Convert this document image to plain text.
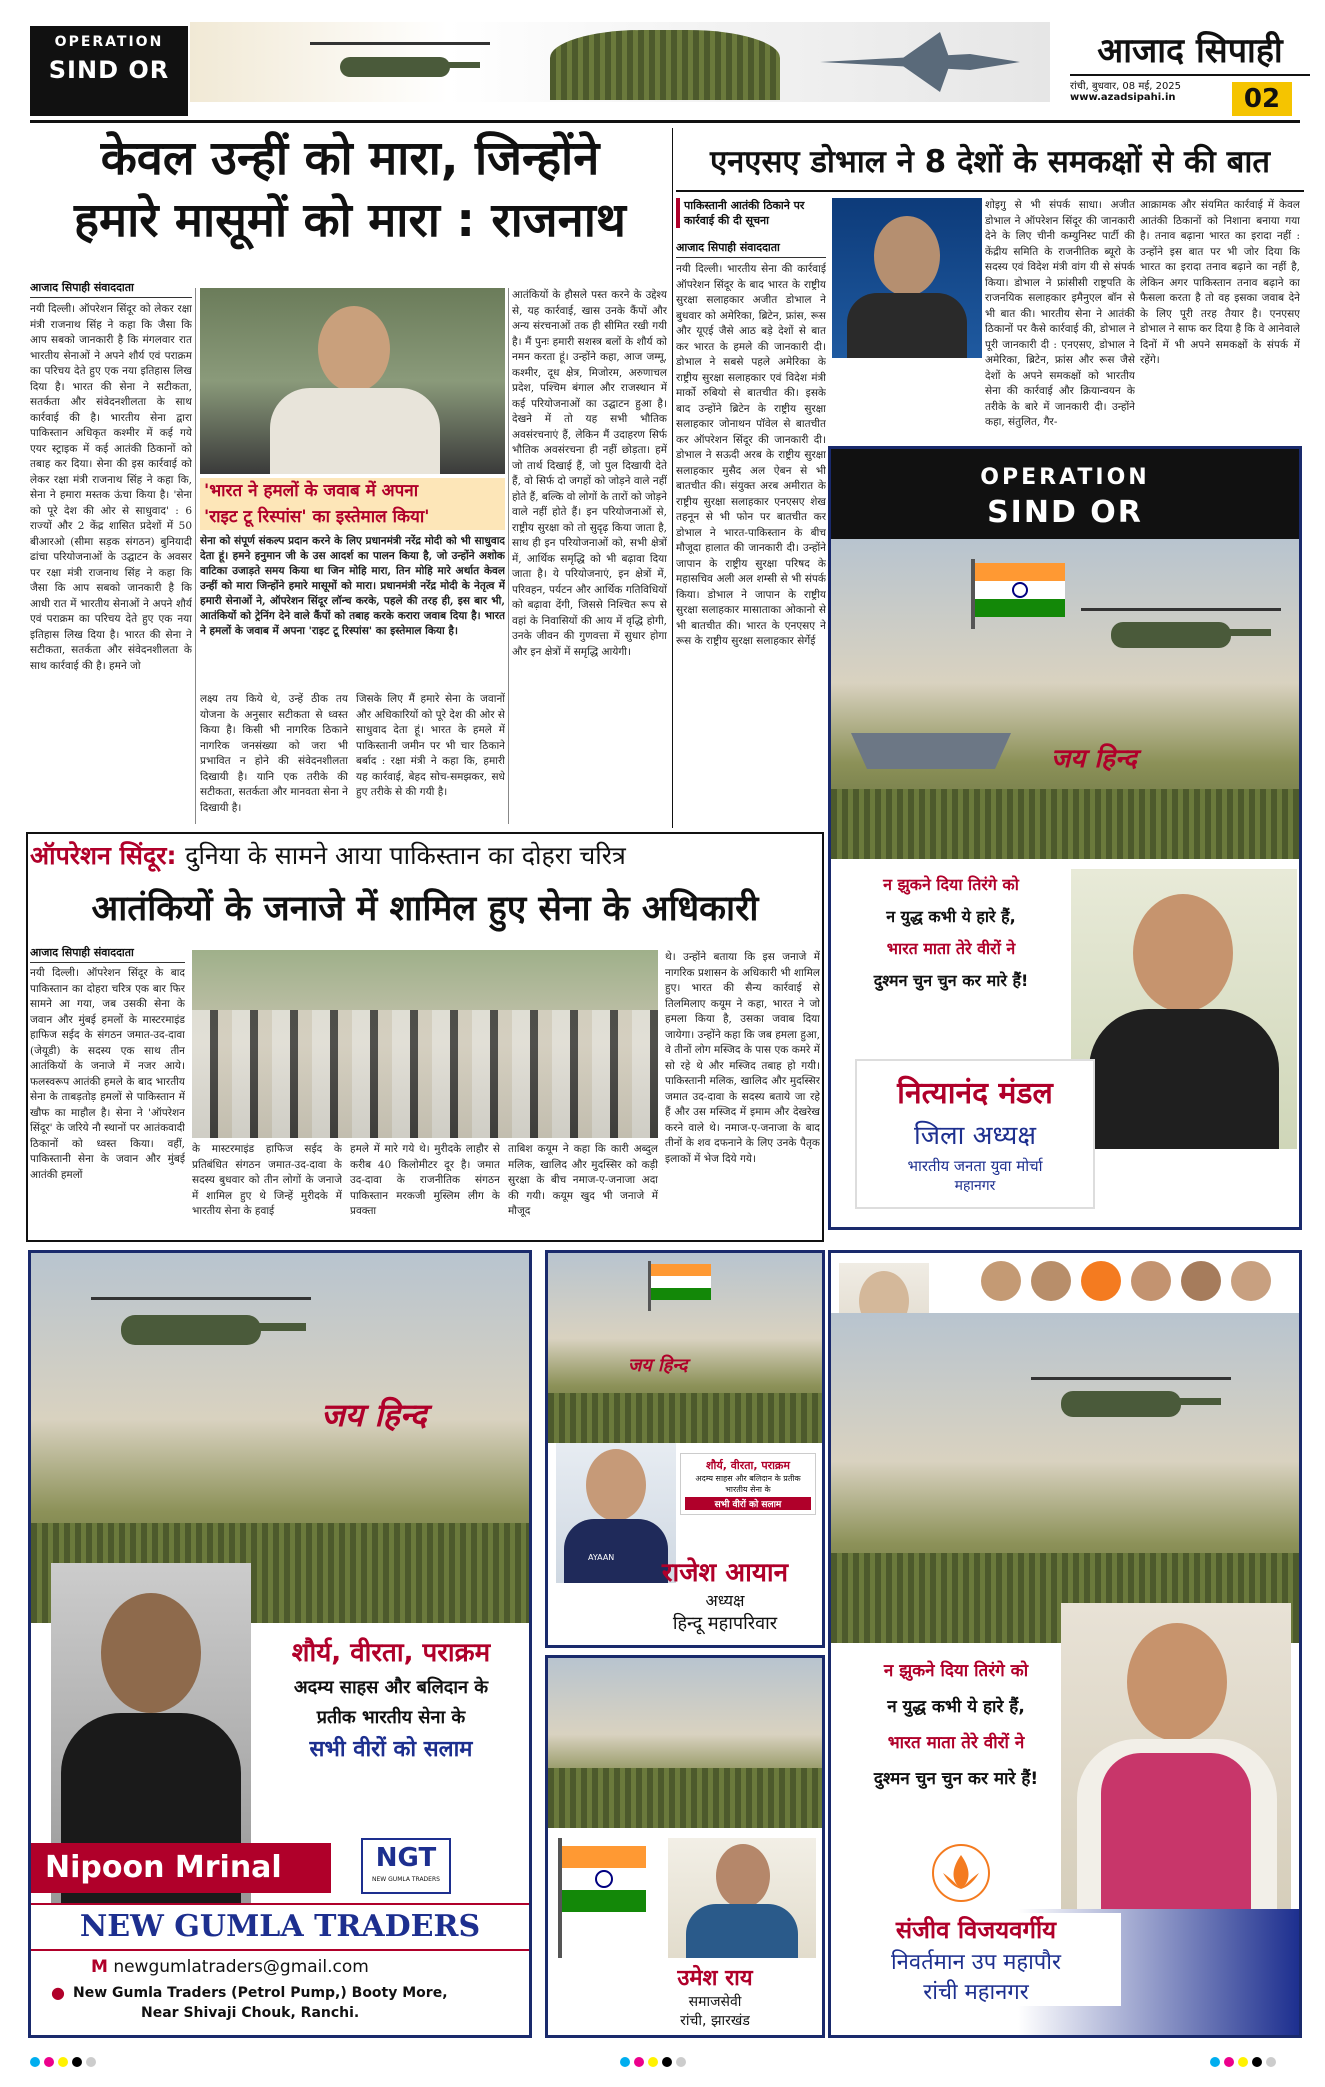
OPERATION
SIND OR	आजाद सिपाही
रांची, बुधवार, 08 मई, 2025
www.azadsipahi.in	02
केवल उन्हीं को मारा, जिन्होंने
हमारे मासूमों को मारा : राजनाथ
आजाद सिपाही संवाददाता
नयी दिल्ली। ऑपरेशन सिंदूर को लेकर रक्षा मंत्री राजनाथ सिंह ने कहा कि जैसा कि आप सबको जानकारी है कि मंगलवार रात भारतीय सेनाओं ने अपने शौर्य एवं पराक्रम का परिचय देते हुए एक नया इतिहास लिख दिया है। भारत की सेना ने सटीकता, सतर्कता और संवेदनशीलता के साथ कार्रवाई की है। भारतीय सेना द्वारा पाकिस्तान अधिकृत कश्मीर में कई गये एयर स्ट्राइक में कई आतंकी ठिकानों को तबाह कर दिया। सेना की इस कार्रवाई को लेकर रक्षा मंत्री राजनाथ सिंह ने कहा कि, सेना ने हमारा मस्तक ऊंचा किया है। 'सेना को पूरे देश की ओर से साधुवाद' : 6 राज्यों और 2 केंद्र शासित प्रदेशों में 50 बीआरओ (सीमा सड़क संगठन) बुनियादी ढांचा परियोजनाओं के उद्घाटन के अवसर पर रक्षा मंत्री राजनाथ सिंह ने कहा कि जैसा कि आप सबको जानकारी है कि आधी रात में भारतीय सेनाओं ने अपने शौर्य एवं पराक्रम का परिचय देते हुए एक नया इतिहास लिख दिया है। भारत की सेना ने सटीकता, सतर्कता और संवेदनशीलता के साथ कार्रवाई की है। हमने जो
'भारत ने हमलों के जवाब में अपना
'राइट टू रिस्पांस' का इस्तेमाल किया'
सेना को संपूर्ण संकल्प प्रदान करने के लिए प्रधानमंत्री नरेंद्र मोदी को भी साधुवाद देता हूं। हमने हनुमान जी के उस आदर्श का पालन किया है, जो उन्होंने अशोक वाटिका उजाड़ते समय किया था जिन मोहि मारा, तिन मोहि मारे अर्थात केवल उन्हीं को मारा जिन्होंने हमारे मासूमों को मारा। प्रधानमंत्री नरेंद्र मोदी के नेतृत्व में हमारी सेनाओं ने, ऑपरेशन सिंदूर लॉन्च करके, पहले की तरह ही, इस बार भी, आतंकियों को ट्रेनिंग देने वाले कैंपों को तबाह करके करारा जवाब दिया है। भारत ने हमलों के जवाब में अपना 'राइट टू रिस्पांस' का इस्तेमाल किया है।
लक्ष्य तय किये थे, उन्हें ठीक तय योजना के अनुसार सटीकता से ध्वस्त किया है। किसी भी नागरिक ठिकाने नागरिक जनसंख्या को जरा भी प्रभावित न होने की संवेदनशीलता दिखायी है। यानि एक तरीके की सटीकता, सतर्कता और मानवता सेना ने दिखायी है।
जिसके लिए मैं हमारे सेना के जवानों और अधिकारियों को पूरे देश की ओर से साधुवाद देता हूं। भारत के हमले में पाकिस्तानी जमीन पर भी चार ठिकाने बर्बाद : रक्षा मंत्री ने कहा कि, हमारी यह कार्रवाई, बेहद सोच-समझकर, सधे हुए तरीके से की गयी है।
आतंकियों के हौसले पस्त करने के उद्देश्य से, यह कार्रवाई, खास उनके कैंपों और अन्य संरचनाओं तक ही सीमित रखी गयी है। मैं पुनः हमारी सशस्त्र बलों के शौर्य को नमन करता हूं। उन्होंने कहा, आज जम्मू, कश्मीर, दूध क्षेत्र, मिजोरम, अरुणाचल प्रदेश, पश्चिम बंगाल और राजस्थान में कई परियोजनाओं का उद्घाटन हुआ है। देखने में तो यह सभी भौतिक अवसंरचनाएं हैं, लेकिन मैं उदाहरण सिर्फ भौतिक अवसंरचना ही नहीं छोड़ता। हमें जो तार्थ दिखाई हैं, जो पुल दिखायी देते हैं, वो सिर्फ दो जगहों को जोड़ने वाले नहीं होते हैं, बल्कि वो लोगों के तारों को जोड़ने वाले नहीं होते हैं। इन परियोजनाओं से, राष्ट्रीय सुरक्षा को तो सुदृढ़ किया जाता है, साथ ही इन परियोजनाओं को, सभी क्षेत्रों में, आर्थिक समृद्धि को भी बढ़ावा दिया जाता है। ये परियोजनाएं, इन क्षेत्रों में, परिवहन, पर्यटन और आर्थिक गतिविधियों को बढ़ावा देंगी, जिससे निश्चित रूप से वहां के निवासियों की आय में वृद्धि होगी, उनके जीवन की गुणवत्ता में सुधार होगा और इन क्षेत्रों में समृद्धि आयेगी।
एनएसए डोभाल ने 8 देशों के समकक्षों से की बात
पाकिस्तानी आतंकी ठिकाने पर कार्रवाई की दी सूचना
आजाद सिपाही संवाददाता
नयी दिल्ली। भारतीय सेना की कार्रवाई ऑपरेशन सिंदूर के बाद भारत के राष्ट्रीय सुरक्षा सलाहकार अजीत डोभाल ने बुधवार को अमेरिका, ब्रिटेन, फ्रांस, रूस और यूएई जैसे आठ बड़े देशों से बात कर भारत के हमले की जानकारी दी। डोभाल ने सबसे पहले अमेरिका के राष्ट्रीय सुरक्षा सलाहकार एवं विदेश मंत्री मार्को रुबियो से बातचीत की। इसके बाद उन्होंने ब्रिटेन के राष्ट्रीय सुरक्षा सलाहकार जोनाथन पॉवेल से बातचीत कर ऑपरेशन सिंदूर की जानकारी दी। डोभाल ने सऊदी अरब के राष्ट्रीय सुरक्षा सलाहकार मुसैद अल ऐबन से भी बातचीत की। संयुक्त अरब अमीरात के राष्ट्रीय सुरक्षा सलाहकार एनएसए शेख तहनून से भी फोन पर बातचीत कर डोभाल ने भारत-पाकिस्तान के बीच मौजूदा हालात की जानकारी दी। उन्होंने जापान के राष्ट्रीय सुरक्षा परिषद के महासचिव अली अल शम्सी से भी संपर्क किया। डोभाल ने जापान के राष्ट्रीय सुरक्षा सलाहकार मासाताका ओकानो से भी बातचीत की। भारत के एनएसए ने रूस के राष्ट्रीय सुरक्षा सलाहकार सेर्गेई
शोइगु से भी संपर्क साधा। अजीत डोभाल ने ऑपरेशन सिंदूर की जानकारी देने के लिए चीनी कम्युनिस्ट पार्टी की केंद्रीय समिति के राजनीतिक ब्यूरो के सदस्य एवं विदेश मंत्री वांग यी से संपर्क किया। डोभाल ने फ्रांसीसी राष्ट्रपति के राजनयिक सलाहकार इमैनुएल बॉन से भी बात की। भारतीय सेना ने आतंकी ठिकानों पर कैसे कार्रवाई की, डोभाल ने पूरी जानकारी दी : एनएसए, डोभाल ने अमेरिका, ब्रिटेन, फ्रांस और रूस जैसे देशों के अपने समकक्षों को भारतीय सेना की कार्रवाई और क्रियान्वयन के तरीके के बारे में जानकारी दी। उन्होंने कहा, संतुलित, गैर-
आक्रामक और संयमित कार्रवाई में केवल आतंकी ठिकानों को निशाना बनाया गया है। तनाव बढ़ाना भारत का इरादा नहीं : उन्होंने इस बात पर भी जोर दिया कि भारत का इरादा तनाव बढ़ाने का नहीं है, लेकिन अगर पाकिस्तान तनाव बढ़ाने का फैसला करता है तो वह इसका जवाब देने के लिए पूरी तरह तैयार है। एनएसए डोभाल ने साफ कर दिया है कि वे आनेवाले दिनों में भी अपने समकक्षों के संपर्क में रहेंगे।
OPERATION
SIND OR
जय हिन्द
न झुकने दिया तिरंगे को
न युद्ध कभी ये हारे हैं,
भारत माता तेरे वीरों ने
दुश्मन चुन चुन कर मारे हैं!
नित्यानंद मंडल
जिला अध्यक्ष
भारतीय जनता युवा मोर्चा
महानगर
ऑपरेशन सिंदूर: दुनिया के सामने आया पाकिस्तान का दोहरा चरित्र
आतंकियों के जनाजे में शामिल हुए सेना के अधिकारी
आजाद सिपाही संवाददाता
नयी दिल्ली। ऑपरेशन सिंदूर के बाद पाकिस्तान का दोहरा चरित्र एक बार फिर सामने आ गया, जब उसकी सेना के जवान और मुंबई हमलों के मास्टरमाइंड हाफिज सईद के संगठन जमात-उद-दावा (जेयूडी) के सदस्य एक साथ तीन आतंकियों के जनाजे में नजर आये। फलस्वरूप आतंकी हमले के बाद भारतीय सेना के ताबड़तोड़ हमलों से पाकिस्तान में खौफ का माहौल है। सेना ने 'ऑपरेशन सिंदूर' के जरिये नौ स्थानों पर आतंकवादी ठिकानों को ध्वस्त किया। वहीं, पाकिस्तानी सेना के जवान और मुंबई आतंकी हमलों
के मास्टरमाइंड हाफिज सईद के प्रतिबंधित संगठन जमात-उद-दावा के सदस्य बुधवार को तीन लोगों के जनाजे में शामिल हुए थे जिन्हें मुरीदके में भारतीय सेना के हवाई
हमले में मारे गये थे। मुरीदके लाहौर से करीब 40 किलोमीटर दूर है। जमात उद-दावा के राजनीतिक संगठन पाकिस्तान मरकजी मुस्लिम लीग के प्रवक्ता
ताबिश कयूम ने कहा कि कारी अब्दुल मलिक, खालिद और मुदस्सिर को कड़ी सुरक्षा के बीच नमाज-ए-जनाजा अदा की गयी। कयूम खुद भी जनाजे में मौजूद
थे। उन्होंने बताया कि इस जनाजे में नागरिक प्रशासन के अधिकारी भी शामिल हुए। भारत की सैन्य कार्रवाई से तिलमिलाए कयूम ने कहा, भारत ने जो हमला किया है, उसका जवाब दिया जायेगा। उन्होंने कहा कि जब हमला हुआ, वे तीनों लोग मस्जिद के पास एक कमरे में सो रहे थे और मस्जिद तबाह हो गयी। पाकिस्तानी मलिक, खालिद और मुदस्सिर जमात उद-दावा के सदस्य बताये जा रहे हैं और उस मस्जिद में इमाम और देखरेख करने वाले थे। नमाज-ए-जनाजा के बाद तीनों के शव दफनाने के लिए उनके पैतृक इलाकों में भेज दिये गये।
जय हिन्द
शौर्य, वीरता, पराक्रम
अदम्य साहस और बलिदान के
प्रतीक भारतीय सेना के
सभी वीरों को सलाम
Nipoon Mrinal	NGT
NEW GUMLA TRADERS
NEW GUMLA TRADERS
M newgumlatraders@gmail.com
● New Gumla Traders (Petrol Pump,) Booty More,
Near Shivaji Chouk, Ranchi.
जय हिन्द
AYAAN
शौर्य, वीरता, पराक्रम
अदम्य साहस और बलिदान के प्रतीक भारतीय सेना के
सभी वीरों को सलाम
राजेश आयान
अध्यक्ष
हिन्दू महापरिवार
उमेश राय
समाजसेवी
रांची, झारखंड
न झुकने दिया तिरंगे को
न युद्ध कभी ये हारे हैं,
भारत माता तेरे वीरों ने
दुश्मन चुन चुन कर मारे हैं!
संजीव विजयवर्गीय
निवर्तमान उप महापौर
रांची महानगर
